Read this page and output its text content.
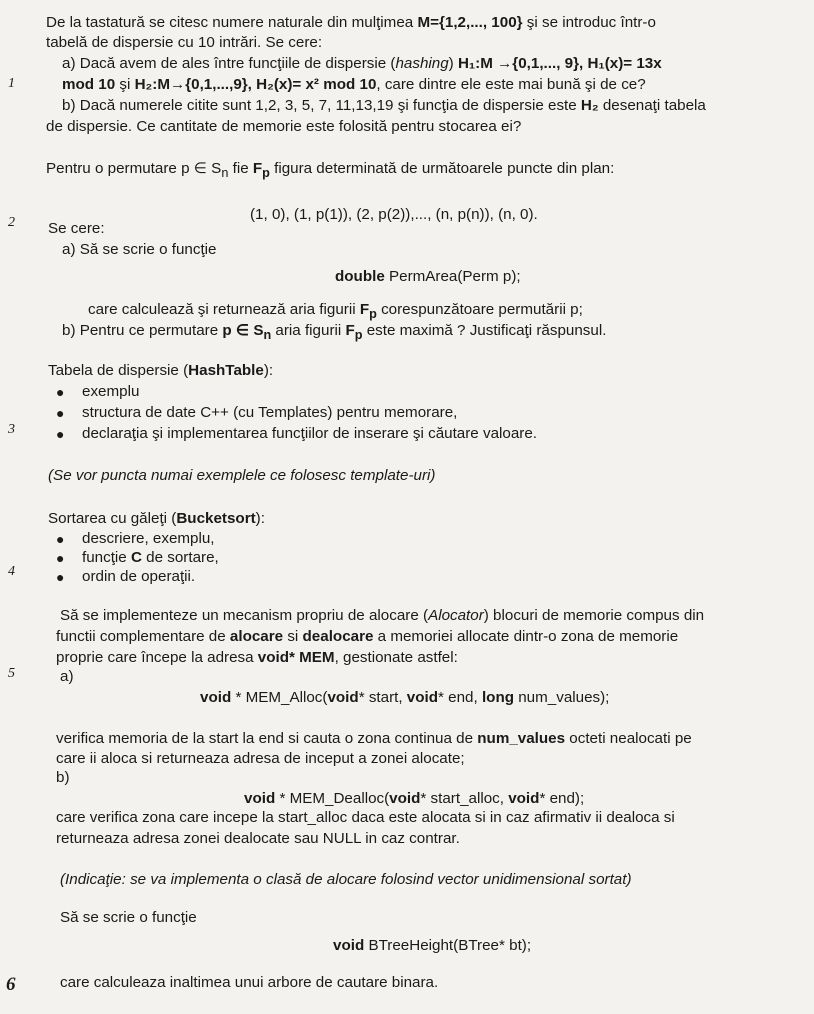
1
2
3
4
5
6
De la tastatură se citesc numere naturale din mulţimea M={1,2,..., 100} şi se introduc într-o
tabelă de dispersie cu 10 intrări. Se cere:
a) Dacă avem de ales între funcţiile de dispersie (hashing) H₁:M →{0,1,..., 9}, H₁(x)= 13x
mod 10 şi H₂:M→{0,1,...,9}, H₂(x)= x² mod 10, care dintre ele este mai bună şi de ce?
b) Dacă numerele citite sunt 1,2, 3, 5, 7, 11,13,19 şi funcţia de dispersie este H₂ desenaţi tabela
de dispersie. Ce cantitate de memorie este folosită pentru stocarea ei?
Pentru o permutare p ∈ $S_n$ fie $F_p$ figura determinată de următoarele puncte din plan:
(1, 0), (1, p(1)), (2, p(2)),..., (n, p(n)), (n, 0).
Se cere:
a) Să se scrie o funcţie
double PermArea(Perm p);
care calculează şi returnează aria figurii $F_p$ corespunzătoare permutării p;
b) Pentru ce permutare p ∈ $S_n$ aria figurii $F_p$ este maximă ? Justificaţi răspunsul.
Tabela de dispersie (HashTable):
● exemplu
● structura de date C++ (cu Templates) pentru memorare,
● declaraţia şi implementarea funcţiilor de inserare şi căutare valoare.
(Se vor puncta numai exemplele ce folosesc template-uri)
Sortarea cu găleţi (Bucketsort):
● descriere, exemplu,
● funcţie C de sortare,
● ordin de operaţii.
Să se implementeze un mecanism propriu de alocare (Alocator) blocuri de memorie compus din
functii complementare de alocare si dealocare a memoriei allocate dintr-o zona de memorie
proprie care începe la adresa void* MEM, gestionate astfel:
a)
void * MEM_Alloc(void* start, void* end, long num_values);
verifica memoria de la start la end si cauta o zona continua de num_values octeti nealocati pe
care ii aloca si returneaza adresa de inceput a zonei alocate;
b)
void * MEM_Dealloc(void* start_alloc, void* end);
care verifica zona care incepe la start_alloc daca este alocata si in caz afirmativ ii dealoca si
returneaza adresa zonei dealocate sau NULL in caz contrar.
(Indicaţie: se va implementa o clasă de alocare folosind vector unidimensional sortat)
Să se scrie o funcţie
void BTreeHeight(BTree* bt);
care calculeaza inaltimea unui arbore de cautare binara.
